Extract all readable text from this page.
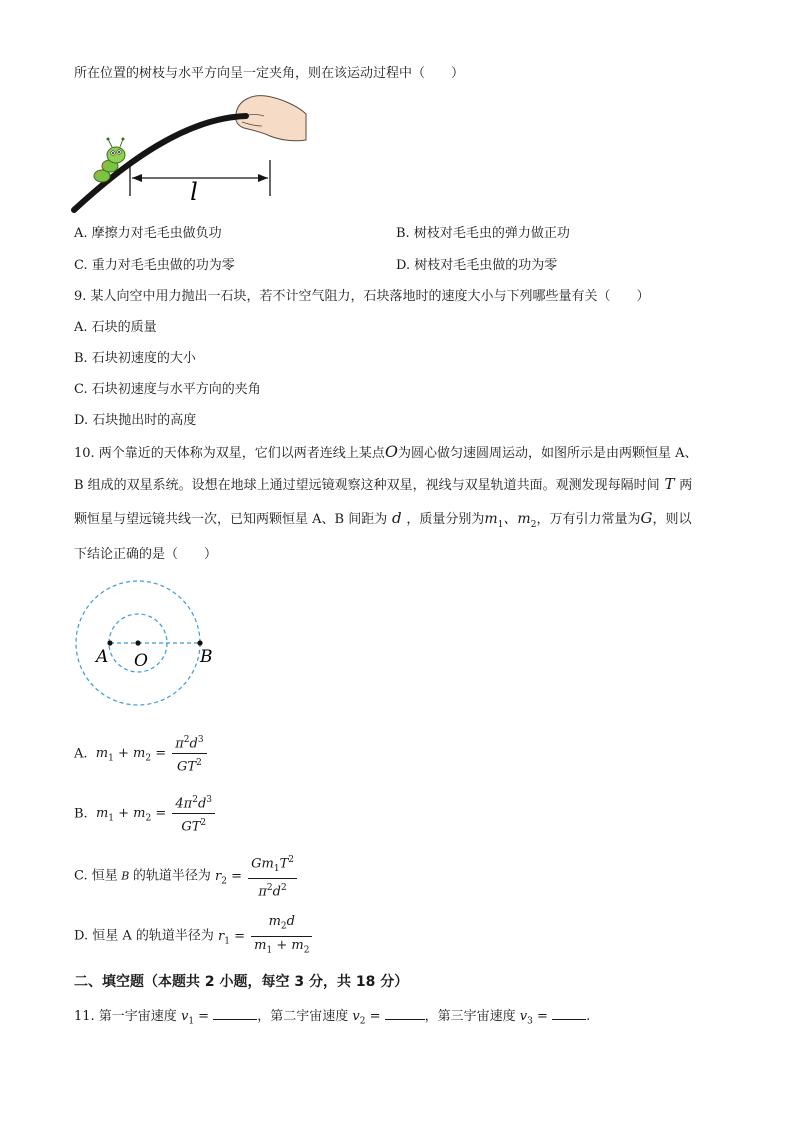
所在位置的树枝与水平方向呈一定夹角，则在该运动过程中（　　）
l
A. 摩擦力对毛毛虫做负功	B. 树枝对毛毛虫的弹力做正功
C. 重力对毛毛虫做的功为零	D. 树枝对毛毛虫做的功为零
9. 某人向空中用力抛出一石块，若不计空气阻力，石块落地时的速度大小与下列哪些量有关（　　）
A. 石块的质量
B. 石块初速度的大小
C. 石块初速度与水平方向的夹角
D. 石块抛出时的高度
10. 两个靠近的天体称为双星，它们以两者连线上某点O为圆心做匀速圆周运动，如图所示是由两颗恒星 A、
B 组成的双星系统。设想在地球上通过望远镜观察这种双星，视线与双星轨道共面。观测发现每隔时间 T 两
颗恒星与望远镜共线一次，已知两颗恒星 A、B 间距为 d ，质量分别为$m_1$、$m_2$，万有引力常量为G，则以
下结论正确的是（　　）
A O	B
A. $m_1 + m_2 = \frac{\pi^2d^3}{GT^2}$
B. $m_1 + m_2 = \frac{4\pi^2d^3}{GT^2}$
C. 恒星 B 的轨道半径为 $r_2 = \frac{Gm_1T^2}{\pi^2d^2}$
D. 恒星 A 的轨道半径为 $r_1 = \frac{m_2d}{m_1 + m_2}$
二、填空题（本题共 2 小题，每空 3 分，共 18 分）
11. 第一宇宙速度 $v_1$ =	，第二宇宙速度 $v_2$ =	，第三宇宙速度 $v_3$ =	.
